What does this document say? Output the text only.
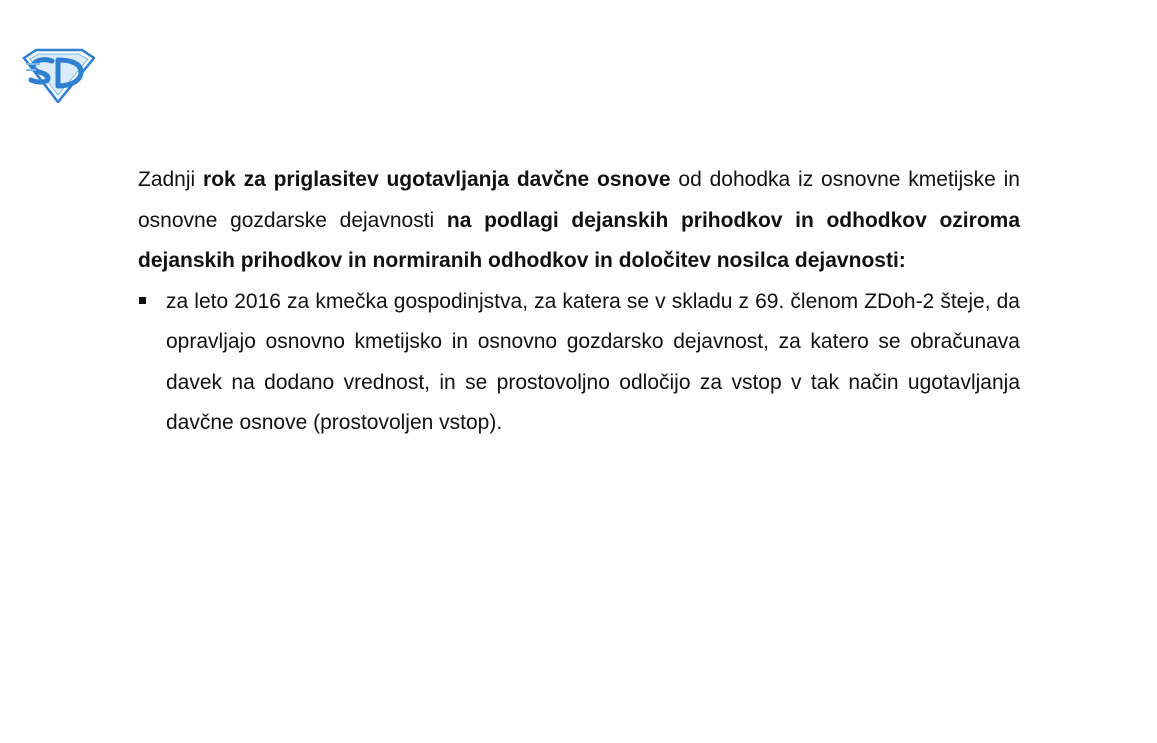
Zadnji rok za priglasitev ugotavljanja davčne osnove od dohodka iz osnovne kmetijske in osnovne gozdarske dejavnosti na podlagi dejanskih prihodkov in odhodkov oziroma dejanskih prihodkov in normiranih odhodkov in določitev nosilca dejavnosti:

za leto 2016 za kmečka gospodinjstva, za katera se v skladu z 69. členom ZDoh-2 šteje, da opravljajo osnovno kmetijsko in osnovno gozdarsko dejavnost, za katero se obračunava davek na dodano vrednost, in se prostovoljno odločijo za vstop v tak način ugotavljanja davčne osnove (prostovoljen vstop).
